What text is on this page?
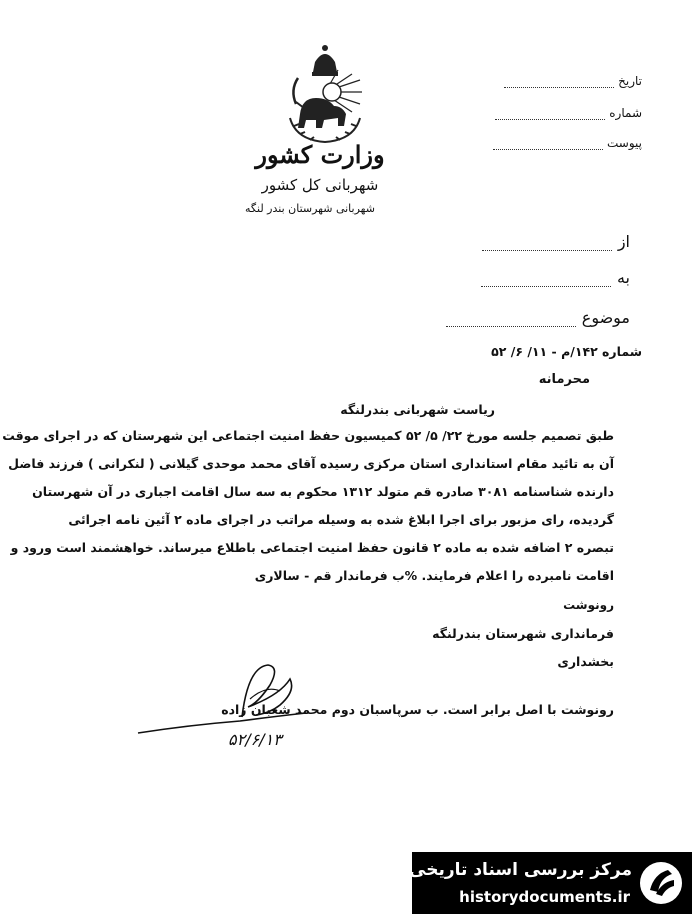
وزارت کشور
شهربانی کل کشور
شهربانی شهرستان بندر لنگه
تاریخ
شماره
پیوست
از
به
موضوع
شماره ۱۴۲/م - ۱۱/ ۶/ ۵۲
محرمانه
ریاست شهربانی بندرلنگه
طبق تصمیم جلسه مورخ ۲۲/ ۵/ ۵۲ کمیسیون حفظ امنیت اجتماعی این شهرستان که در اجرای موقت
آن به تائید مقام استانداری استان مرکزی رسیده آقای محمد موحدی گیلانی ( لنکرانی ) فرزند فاضل
دارنده شناسنامه ۳۰۸۱ صادره قم متولد ۱۳۱۲ محکوم به سه سال اقامت اجباری در آن شهرستان
گردیده، رای مزبور برای اجرا ابلاغ شده به وسیله مراتب در اجرای ماده ۲ آئین نامه اجرائی
تبصره ۲ اضافه شده به ماده ۲ قانون حفظ امنیت اجتماعی باطلاع میرساند. خواهشمند است ورود و
اقامت نامبرده را اعلام فرمایند. %ب فرماندار قم - سالاری
رونوشت
فرمانداری شهرستان بندرلنگه
بخشداری
رونوشت با اصل برابر است. ب سرپاسبان دوم محمد شعبان زاده
۵۲/۶/۱۳
مرکز بررسی اسناد تاریخی
historydocuments.ir
